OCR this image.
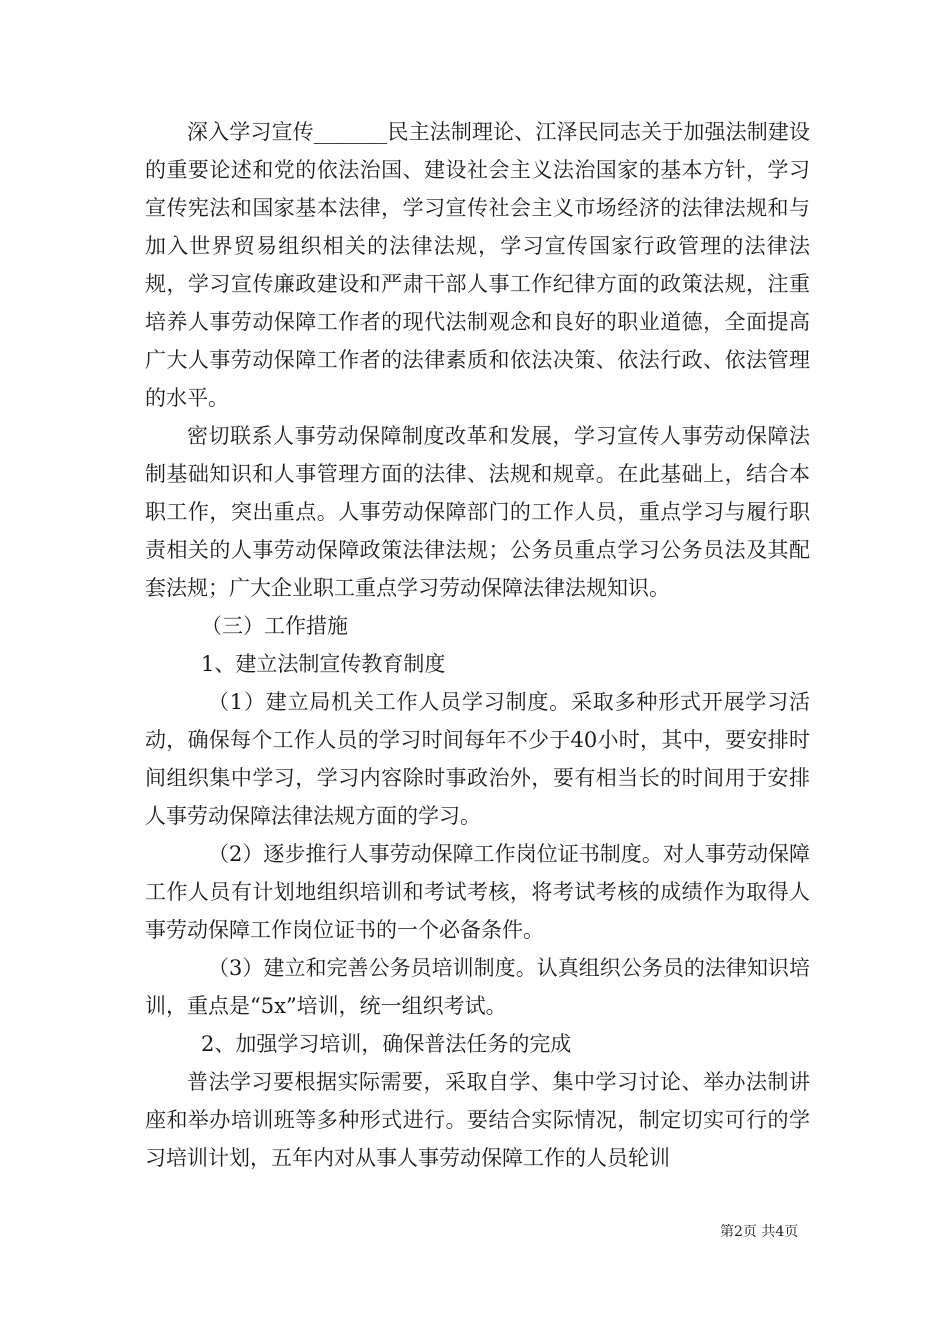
深入学习宣传_______民主法制理论、江泽民同志关于加强法制建设的重要论述和党的依法治国、建设社会主义法治国家的基本方针，学习宣传宪法和国家基本法律，学习宣传社会主义市场经济的法律法规和与加入世界贸易组织相关的法律法规，学习宣传国家行政管理的法律法规，学习宣传廉政建设和严肃干部人事工作纪律方面的政策法规，注重培养人事劳动保障工作者的现代法制观念和良好的职业道德，全面提高广大人事劳动保障工作者的法律素质和依法决策、依法行政、依法管理的水平。

密切联系人事劳动保障制度改革和发展，学习宣传人事劳动保障法制基础知识和人事管理方面的法律、法规和规章。在此基础上，结合本职工作，突出重点。人事劳动保障部门的工作人员，重点学习与履行职责相关的人事劳动保障政策法律法规；公务员重点学习公务员法及其配套法规；广大企业职工重点学习劳动保障法律法规知识。

（三）工作措施

1、建立法制宣传教育制度

（1）建立局机关工作人员学习制度。采取多种形式开展学习活动，确保每个工作人员的学习时间每年不少于40小时，其中，要安排时间组织集中学习，学习内容除时事政治外，要有相当长的时间用于安排人事劳动保障法律法规方面的学习。

（2）逐步推行人事劳动保障工作岗位证书制度。对人事劳动保障工作人员有计划地组织培训和考试考核，将考试考核的成绩作为取得人事劳动保障工作岗位证书的一个必备条件。

（3）建立和完善公务员培训制度。认真组织公务员的法律知识培训，重点是“5x”培训，统一组织考试。

2、加强学习培训，确保普法任务的完成

普法学习要根据实际需要，采取自学、集中学习讨论、举办法制讲座和举办培训班等多种形式进行。要结合实际情况，制定切实可行的学习培训计划，五年内对从事人事劳动保障工作的人员轮训

第2页 共4页
